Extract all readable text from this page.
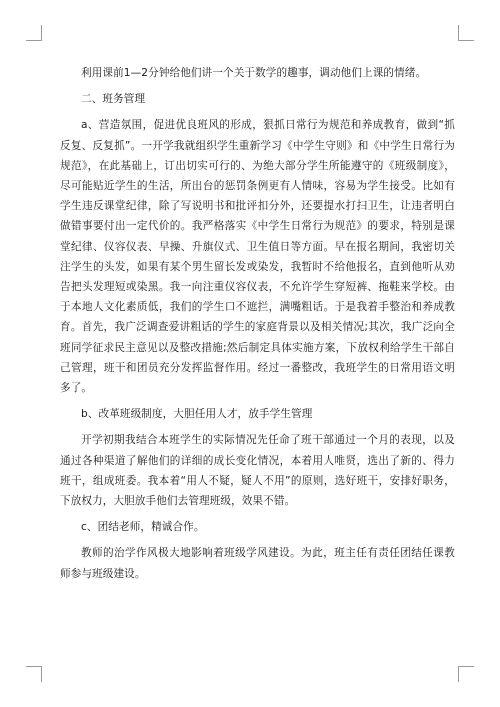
利用课前1—2分钟给他们讲一个关于数学的趣事，调动他们上课的情绪。

二、班务管理

a、营造氛围，促进优良班风的形成，狠抓日常行为规范和养成教育，做到“抓反复、反复抓”。一开学我就组织学生重新学习《中学生守则》和《中学生日常行为规范》，在此基础上，订出切实可行的、为绝大部分学生所能遵守的《班级制度》，尽可能贴近学生的生活，所出台的惩罚条例更有人情味，容易为学生接受。比如有学生违反课堂纪律，除了写说明书和批评扣分外，还要提水打扫卫生，让违者明白做错事要付出一定代价的。我严格落实《中学生日常行为规范》的要求，特别是课堂纪律、仪容仪表、早操、升旗仪式、卫生值日等方面。早在报名期间，我密切关注学生的头发，如果有某个男生留长发或染发，我暂时不给他报名，直到他听从劝告把头发理短或染黑。我一向注重仪容仪表，不允许学生穿短裤、拖鞋来学校。由于本地人文化素质低，我们的学生口不遮拦，满嘴粗话。于是我着手整治和养成教育。首先，我广泛调查爱讲粗话的学生的家庭背景以及相关情况;其次，我广泛向全班同学征求民主意见以及整改措施;然后制定具体实施方案，下放权利给学生干部自己管理，班干和团员充分发挥监督作用。经过一番整改，我班学生的日常用语文明多了。

b、改革班级制度，大胆任用人才，放手学生管理

开学初期我结合本班学生的实际情况先任命了班干部通过一个月的表现，以及通过各种渠道了解他们的详细的成长变化情况，本着用人唯贤，选出了新的、得力班干，组成班委。我本着“用人不疑，疑人不用”的原则，选好班干，安排好职务，下放权力，大胆放手他们去管理班级，效果不错。

c、团结老师，精诚合作。

教师的治学作风极大地影响着班级学风建设。为此，班主任有责任团结任课教师参与班级建设。
